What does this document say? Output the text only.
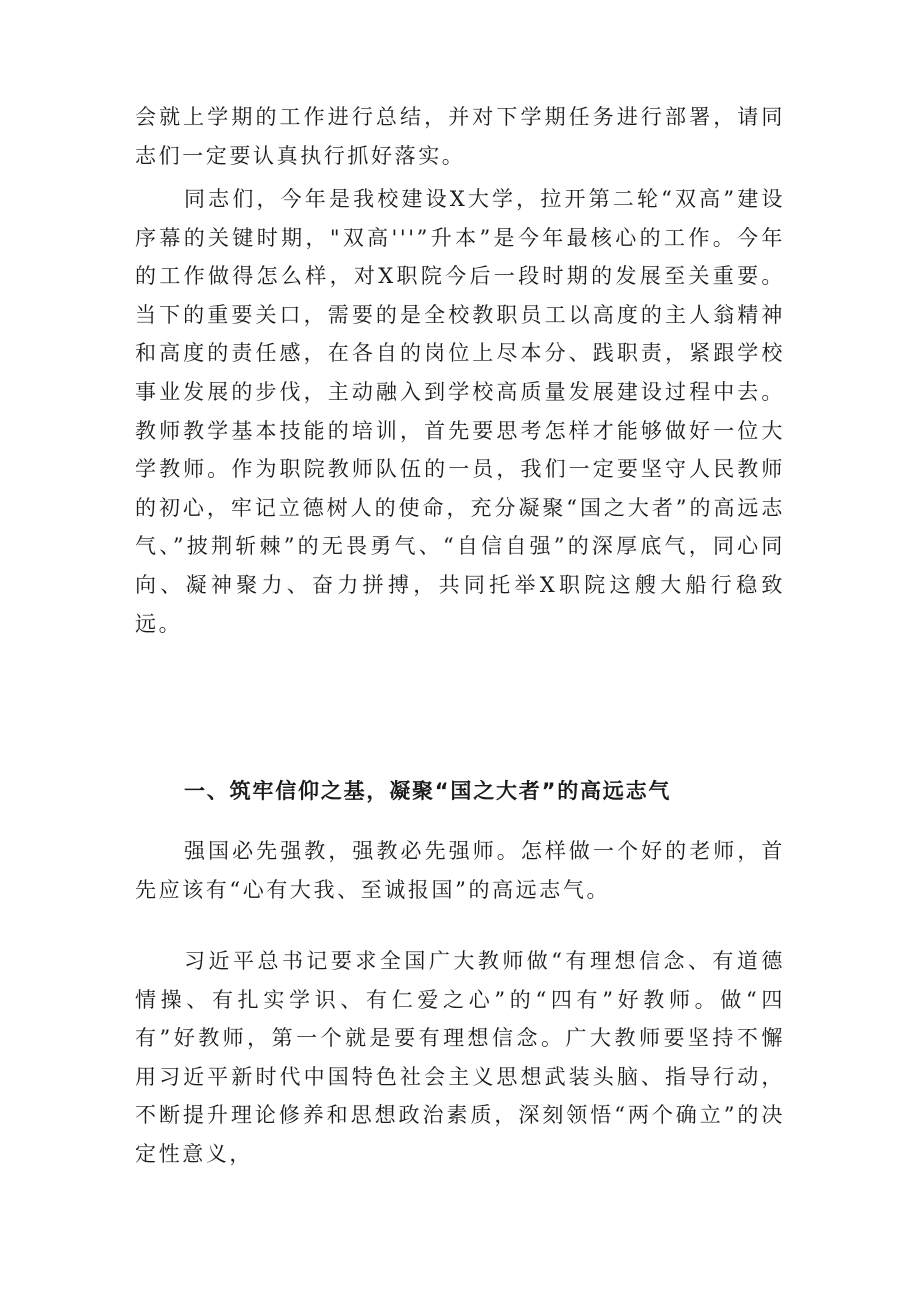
会就上学期的工作进行总结，并对下学期任务进行部署，请同志们一定要认真执行抓好落实。

同志们，今年是我校建设X大学，拉开第二轮“双高”建设序幕的关键时期，"双高'''”升本”是今年最核心的工作。今年的工作做得怎么样，对X职院今后一段时期的发展至关重要。当下的重要关口，需要的是全校教职员工以高度的主人翁精神和高度的责任感，在各自的岗位上尽本分、践职责，紧跟学校事业发展的步伐，主动融入到学校高质量发展建设过程中去。教师教学基本技能的培训，首先要思考怎样才能够做好一位大学教师。作为职院教师队伍的一员，我们一定要坚守人民教师的初心，牢记立德树人的使命，充分凝聚“国之大者”的高远志气、”披荆斩棘”的无畏勇气、“自信自强”的深厚底气，同心同向、凝神聚力、奋力拼搏，共同托举X职院这艘大船行稳致远。

一、筑牢信仰之基，凝聚“国之大者”的高远志气

强国必先强教，强教必先强师。怎样做一个好的老师，首先应该有“心有大我、至诚报国”的高远志气。

习近平总书记要求全国广大教师做“有理想信念、有道德情操、有扎实学识、有仁爱之心”的“四有”好教师。做“四有”好教师，第一个就是要有理想信念。广大教师要坚持不懈用习近平新时代中国特色社会主义思想武装头脑、指导行动，不断提升理论修养和思想政治素质，深刻领悟“两个确立”的决定性意义，
